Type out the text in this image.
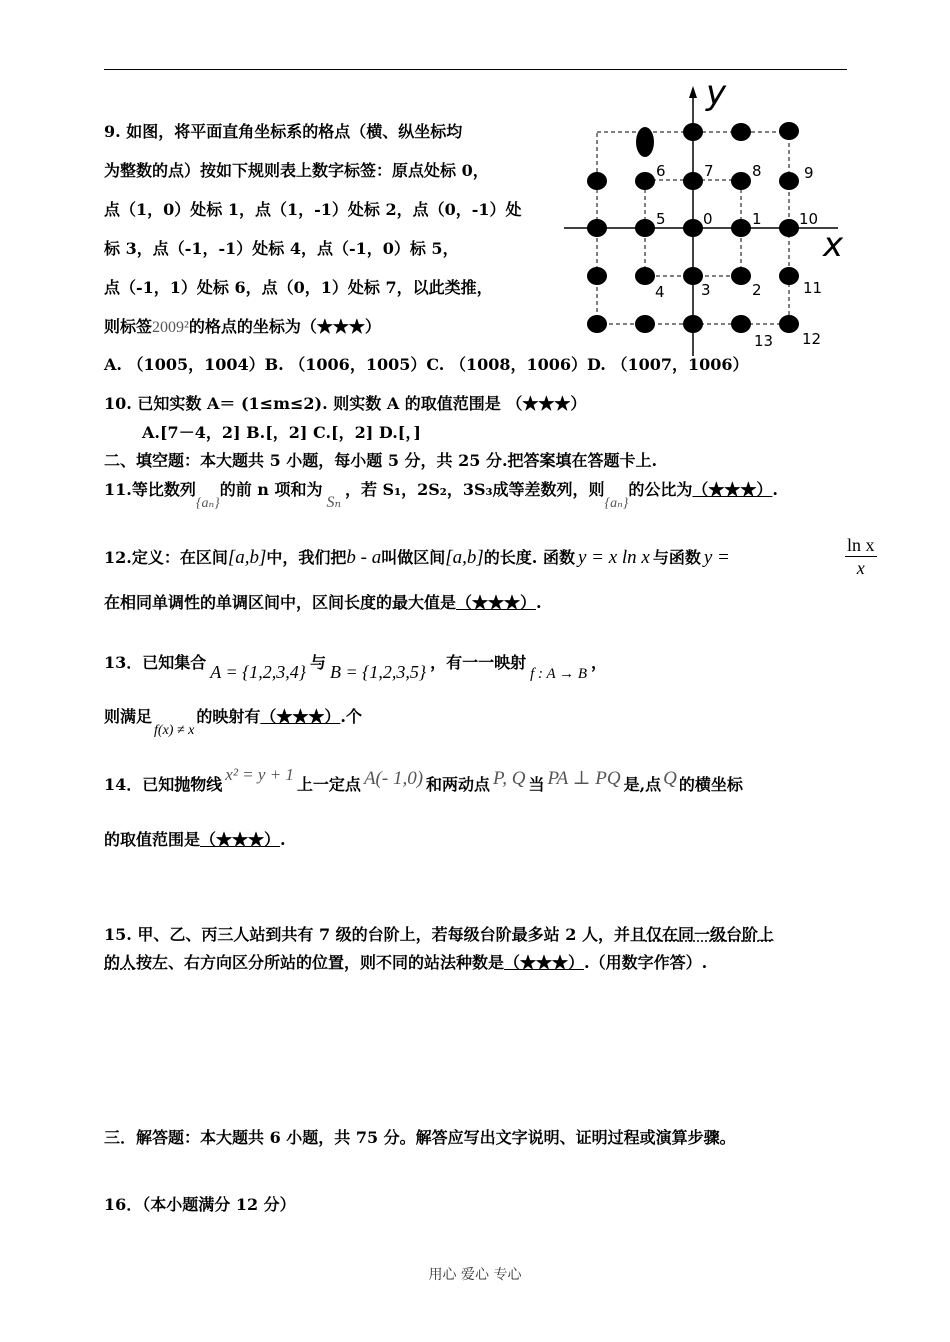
9. 如图，将平面直角坐标系的格点（横、纵坐标均
为整数的点）按如下规则表上数字标签：原点处标 0，
点（1，0）处标 1，点（1，-1）处标 2，点（0，-1）处
标 3，点（-1，-1）处标 4，点（-1，0）标 5，
点（-1，1）处标 6，点（0，1）处标 7，以此类推，
则标签2009²的格点的坐标为（★★★）
A. （1005，1004）B. （1006，1005）C. （1008，1006）D. （1007，1006）
x
y
0	1
2
3
4
5
6	7	8	9
10
11
12
13
10. 已知实数 A＝ (1≤m≤2). 则实数 A 的取值范围是 （★★★）
A.[7－4，2] B.[，2] C.[，2] D.[，]
二、填空题：本大题共 5 小题，每小题 5 分，共 25 分.把答案填在答题卡上.
11.等比数列{aₙ}的前 n 项和为Sₙ，若 S₁，2S₂，3S₃成等差数列，则{aₙ}的公比为（★★★）.
12.定义：在区间[a,b]中，我们把b - a叫做区间[a,b]的长度. 函数 y = x ln x 与函数 y =	$\frac{\text{ln x}}{x}$
在相同单调性的单调区间中，区间长度的最大值是（★★★）.
13．已知集合 A = {1,2,3,4} 与 B = {1,2,3,5} ，有一一映射f : A → B，
则满足f(x) ≠ x的映射有（★★★）.个
14．已知抛物线x² = y + 1上一定点 A(- 1,0) 和两动点 P, Q 当 PA ⊥ PQ 是,点 Q 的横坐标
的取值范围是（★★★）.
15. 甲、乙、丙三人站到共有 7 级的台阶上，若每级台阶最多站 2 人，并且仅在同一级台阶上
的人按左、右方向区分所站的位置，则不同的站法种数是（★★★）.（用数字作答）.
三．解答题：本大题共 6 小题，共 75 分。解答应写出文字说明、证明过程或演算步骤。
16．（本小题满分 12 分）
用心 爱心 专心
